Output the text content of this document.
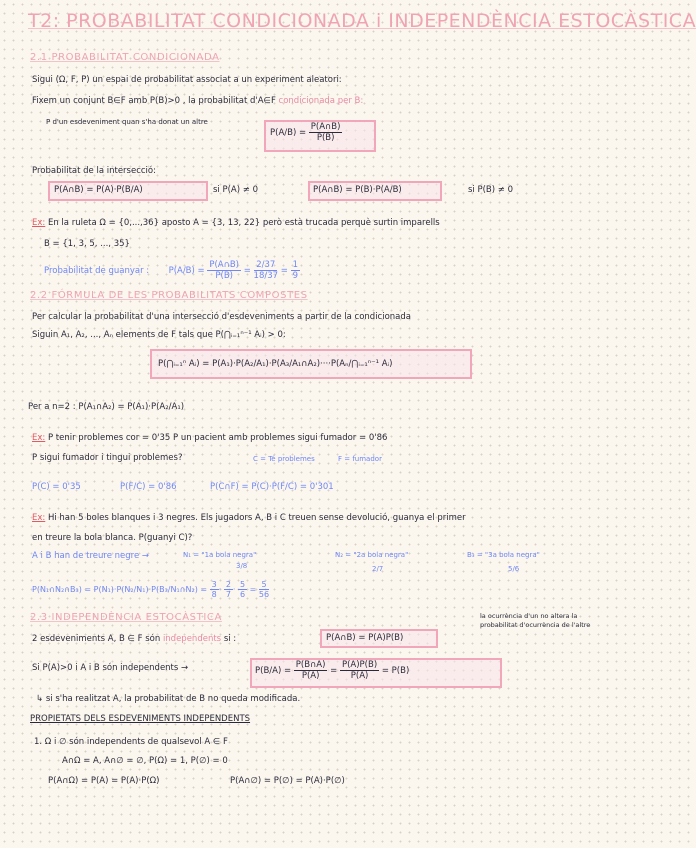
T2: PROBABILITAT CONDICIONADA i INDEPENDÈNCIA ESTOCÀSTICA
2.1 PROBABILITAT CONDICIONADA
Sigui (Ω, F, P) un espai de probabilitat associat a un experiment aleatori:
Fixem un conjunt B∈F amb P(B)>0 , la probabilitat d'A∈F condicionada per B:
P d'un esdeveniment quan s'ha donat un altre
$P(A/B) = \frac{P(A\cap B)}{P(B)}$
Probabilitat de la intersecció:
P(A∩B) = P(A)·P(B/A)	si P(A) ≠ 0	P(A∩B) = P(B)·P(A/B)	si P(B) ≠ 0
Ex: En la ruleta Ω = {0,...,36} aposto A = {3, 13, 22} però està trucada perquè surtin imparells
B = {1, 3, 5, ..., 35}
Probabilitat de guanyar : $P(A/B) = \frac{P(A\cap B)}{P(B)} = \frac{2/37}{18/37} = \frac{1}{9}$
2.2 FÓRMULA DE LES PROBABILITATS COMPOSTES
Per calcular la probabilitat d'una intersecció d'esdeveniments a partir de la condicionada
Siguin A₁, A₂, ..., Aₙ elements de F tals que P(⋂ᵢ₌₁ⁿ⁻¹ Aᵢ) > 0:
P(⋂ᵢ₌₁ⁿ Aᵢ) = P(A₁)·P(A₂/A₁)·P(A₃/A₁∩A₂)····P(Aₙ/⋂ᵢ₌₁ⁿ⁻¹ Aᵢ)
Per a n=2 : P(A₁∩A₂) = P(A₁)·P(A₂/A₁)
Ex: P tenir problemes cor = 0'35 P un pacient amb problemes sigui fumador = 0'86
P sigui fumador i tingui problemes?	C = Té problemes	F = fumador
P(C) = 0'35	P(F/C) = 0'86	P(C∩F) = P(C)·P(F/C) = 0'301
Ex: Hi han 5 boles blanques i 3 negres. Els jugadors A, B i C treuen sense devolució, guanya el primer
en treure la bola blanca. P(guanyi C)?
A i B han de treure negre →	N₁ = "1a bola negra"
3/8
N₂ = "2a bola negra"
2/7
B₃ = "3a bola negra"
5/6
P(N₁∩N₂∩B₃) = P(N₁)·P(N₂/N₁)·P(B₃/N₁∩N₂) = $\frac{3}{8} \cdot \frac{2}{7} \cdot \frac{5}{6} = \frac{5}{56}$
2.3 INDEPENDÈNCIA ESTOCÀSTICA	la ocurrència d'un no altera la probabilitat d'ocurrència de l'altre
2 esdeveniments A, B ∈ F són independents si :	P(A∩B) = P(A)P(B)
Si P(A)>0 i A i B són independents →	$P(B/A) = \frac{P(B\cap A)}{P(A)} = \frac{P(A)P(B)}{P(A)} = P(B)$
↳ si s'ha realitzat A, la probabilitat de B no queda modificada.
PROPIETATS DELS ESDEVENIMENTS INDEPENDENTS
1. Ω i ∅ són independents de qualsevol A ∈ F
A∩Ω = A, A∩∅ = ∅, P(Ω) = 1, P(∅) = 0
P(A∩Ω) = P(A) = P(A)·P(Ω)	P(A∩∅) = P(∅) = P(A)·P(∅)
